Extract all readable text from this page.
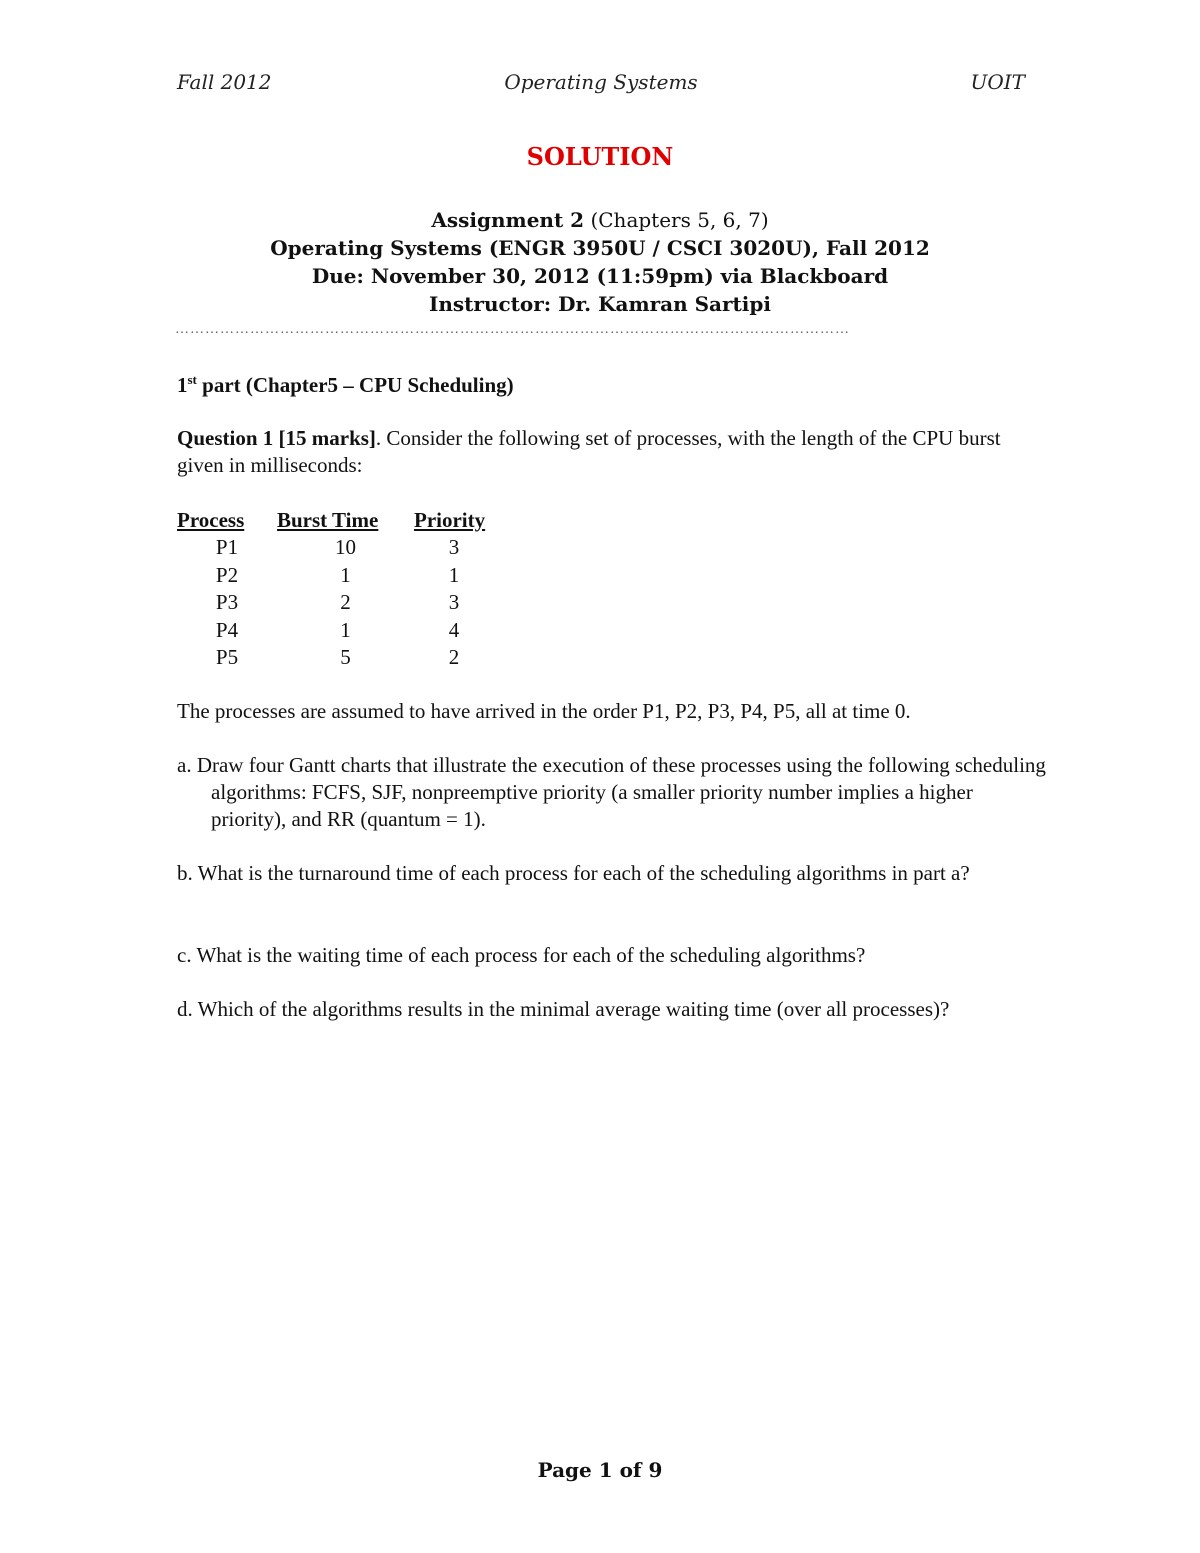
Fall 2012	Operating Systems	UOIT
SOLUTION
Assignment 2 (Chapters 5, 6, 7)
Operating Systems (ENGR 3950U / CSCI 3020U), Fall 2012
Due: November 30, 2012 (11:59pm) via Blackboard
Instructor: Dr. Kamran Sartipi
………………………………………………………………………………………………………………………
1st part (Chapter5 – CPU Scheduling)
Question 1 [15 marks]. Consider the following set of processes, with the length of the CPU burst given in milliseconds:
Process	Burst Time	Priority
P1	10	3
P2	1	1
P3	2	3
P4	1	4
P5	5	2
The processes are assumed to have arrived in the order P1, P2, P3, P4, P5, all at time 0.
a. Draw four Gantt charts that illustrate the execution of these processes using the following scheduling algorithms: FCFS, SJF, nonpreemptive priority (a smaller priority number implies a higher priority), and RR (quantum = 1).
b. What is the turnaround time of each process for each of the scheduling algorithms in part a?
c. What is the waiting time of each process for each of the scheduling algorithms?
d. Which of the algorithms results in the minimal average waiting time (over all processes)?
Page 1 of 9
